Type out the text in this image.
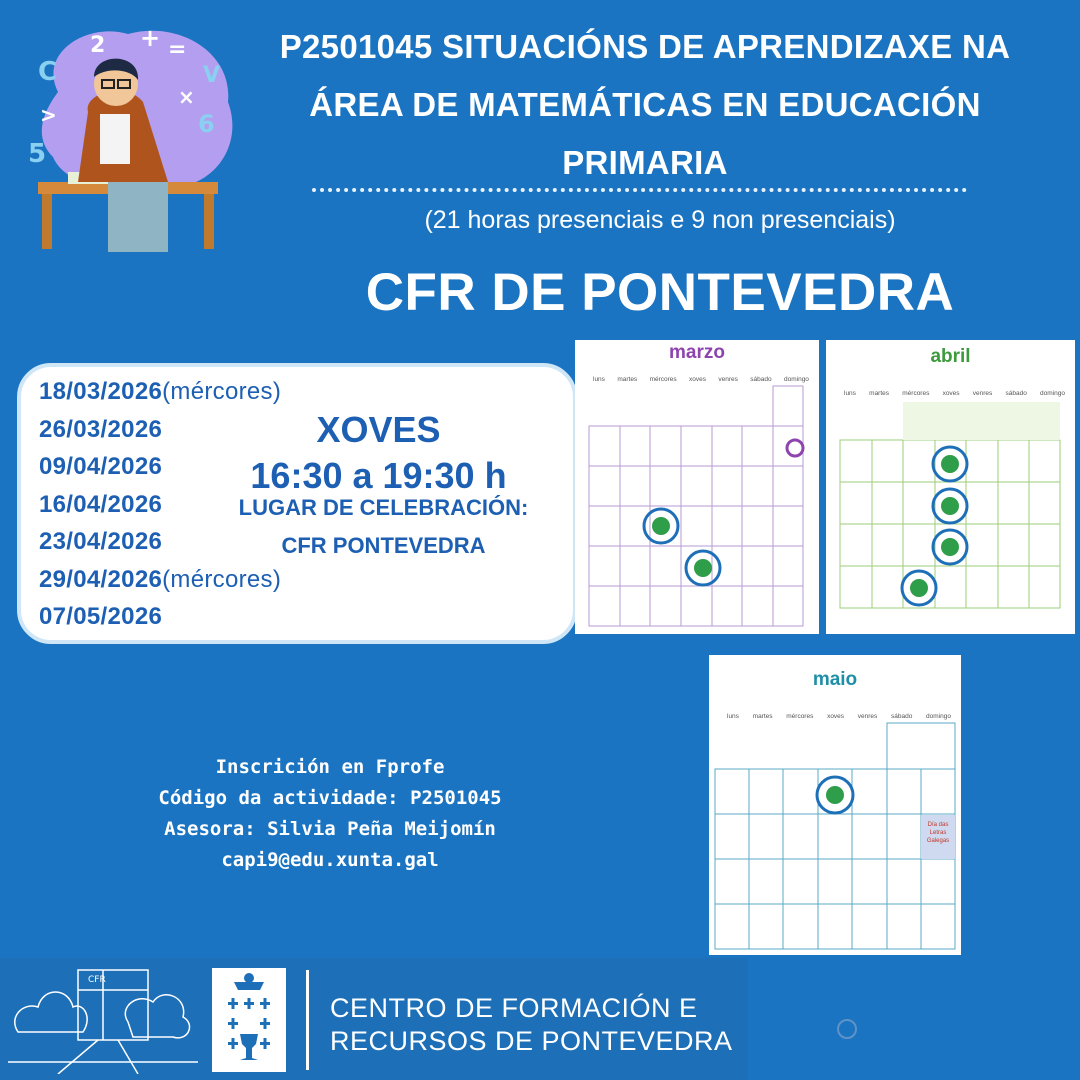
2 + =
C	V
×
5
6
>
P2501045 SITUACIÓNS DE APRENDIZAXE NA
ÁREA DE MATEMÁTICAS EN EDUCACIÓN
PRIMARIA
(21 horas presenciais e 9 non presenciais)
CFR DE PONTEVEDRA
18/03/2026(mércores)
26/03/2026
09/04/2026
16/04/2026
23/04/2026
29/04/2026(mércores)
07/05/2026
XOVES
16:30 a 19:30 h
LUGAR DE CELEBRACIÓN:
CFR PONTEVEDRA
marzo
luns martes mércores xoves venres sábado domingo
abril
luns martes mércores xoves venres sábado domingo
maio
luns martes mércores xoves venres sábado domingo
Día das Letras Galegas
Inscrición en Fprofe
Código da actividade: P2501045
Asesora: Silvia Peña Meijomín
capi9@edu.xunta.gal
CFR
CENTRO DE FORMACIÓN E
RECURSOS DE PONTEVEDRA
